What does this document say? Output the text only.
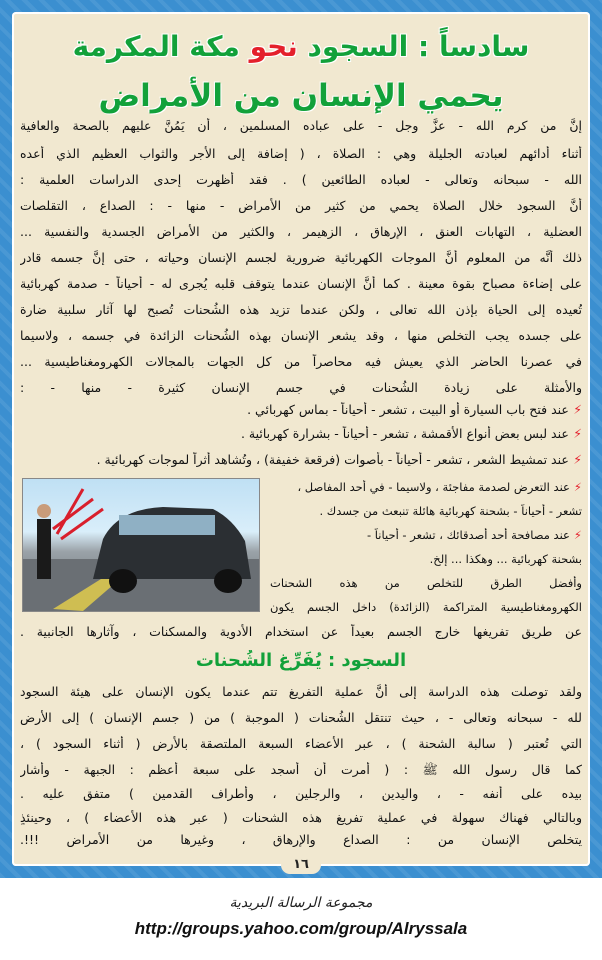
سادساً : السجود نحو مكة المكرمة
يحمي الإنسان من الأمراض
إنَّ من كرم الله - عزَّ وجل - على عباده المسلمين ، أن يَمُنَّ عليهم بالصحة والعافية
أثناء أدائهم لعبادته الجليلة وهي : الصلاة ، ( إضافة إلى الأجر والثواب العظيم الذي أعده
الله - سبحانه وتعالى - لعباده الطائعين ) . فقد أظهرت إحدى الدراسات العلمية :
أنَّ السجود خلال الصلاة يحمي من كثير من الأمراض - منها - : الصداع ، التقلصات
العضلية ، التهابات العنق ، الإرهاق ، الزهيمر ، والكثير من الأمراض الجسدية والنفسية ...
ذلك أنَّه من المعلوم أنَّ الموجات الكهربائية ضرورية لجسم الإنسان وحياته ، حتى إنَّ جسمه قادر
على إضاءة مصباح بقوة معينة . كما أنَّ الإنسان عندما يتوقف قلبه يُجرى له - أحياناً - صدمة كهربائية
تُعيده إلى الحياة بإذن الله تعالى ، ولكن عندما تزيد هذه الشُحنات تُصبح لها آثار سلبية ضارة
على جسده يجب التخلص منها ، وقد يشعر الإنسان بهذه الشُحنات الزائدة في جسمه ، ولاسيما
في عصرنا الحاضر الذي يعيش فيه محاصراً من كل الجهات بالمجالات الكهرومغناطيسية ...
والأمثلة على زيادة الشُحنات في جسم الإنسان كثيرة - منها - :
⚡ عند فتح باب السيارة أو البيت ، تشعر - أحياناً - بماس كهربائي .
⚡ عند لبس بعض أنواع الأقمشة ، تشعر - أحياناً - بشرارة كهربائية .
⚡ عند تمشيط الشعر ، تشعر - أحياناً - بأصوات (فرقعة خفيفة) ، وتُشاهد أثراً لموجات كهربائية .
⚡ عند التعرض لصدمة مفاجئة ، ولاسيما - في أحد المفاصل ،
تشعر - أحياناً - بشحنة كهربائية هائلة تنبعث من جسدك .
⚡ عند مصافحة أحد أصدقائك ، تشعر - أحياناً -
بشحنة كهربائية ... وهكذا ... إلخ.
وأفضل الطرق للتخلص من هذه الشحنات
الكهرومغناطيسية المتراكمة (الزائدة) داخل الجسم يكون
عن طريق تفريغها خارج الجسم بعيداً عن استخدام الأدوية والمسكنات ، وآثارها الجانبية .
السجود : يُفَرِّغ الشُحنات
ولقد توصلت هذه الدراسة إلى أنَّ عملية التفريغ تتم عندما يكون الإنسان على هيئة السجود
لله - سبحانه وتعالى - ، حيث تنتقل الشُحنات ( الموجبة ) من ( جسم الإنسان ) إلى الأرض
التي تُعتبر ( سالبة الشحنة ) ، عبر الأعضاء السبعة الملتصقة بالأرض ( أثناء السجود ) ،
كما قال رسول الله ﷺ : ( أُمرت أن أسجد على سبعة أعظم : الجبهة - وأشار
بيده على أنفه - ، واليدين ، والرجلين ، وأطراف القدمين ) متفق عليه .
وبالتالي فهناك سهولة في عملية تفريغ هذه الشحنات ( عبر هذه الأعضاء ) ، وحينئذٍ
يتخلص الإنسان من : الصداع والإرهاق ، وغيرها من الأمراض !!!.
١٦
مجموعة الرسالة البريدية
http://groups.yahoo.com/group/Alryssala
